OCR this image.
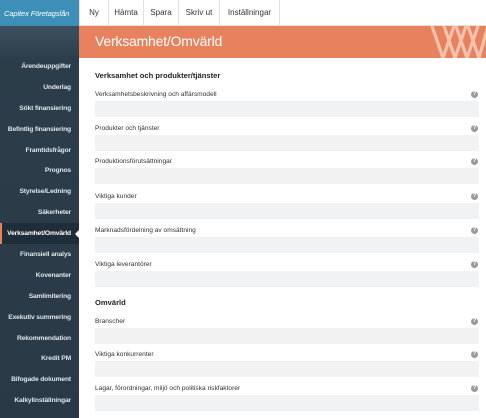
Capitex Företagslån
Ärendeuppgifter
Underlag
Sökt finansiering
Befintlig finansiering
Framtidsfrågor
Prognos
Styrelse/Ledning
Säkerheter
Verksamhet/Omvärld
Finansiell analys
Kovenanter
Samlimitering
Exekutiv summering
Rekommendation
Kredit PM
Bifogade dokument
Kalkylinställningar
Ny	Hämta	Spara	Skriv ut	Inställningar
Verksamhet/Omvärld
Verksamhet och produkter/tjänster
Verksamhetsbeskrivning och affärsmodell	?
Produkter och tjänster	?
Produktionsförutsättningar	?
Viktiga kunder	?
Marknadsfördelning av omsättning	?
Viktiga leverantörer	?
Omvärld
Branscher	?
Viktiga konkurrenter	?
Lagar, förordningar, miljö och politiska riskfaktorer	?
